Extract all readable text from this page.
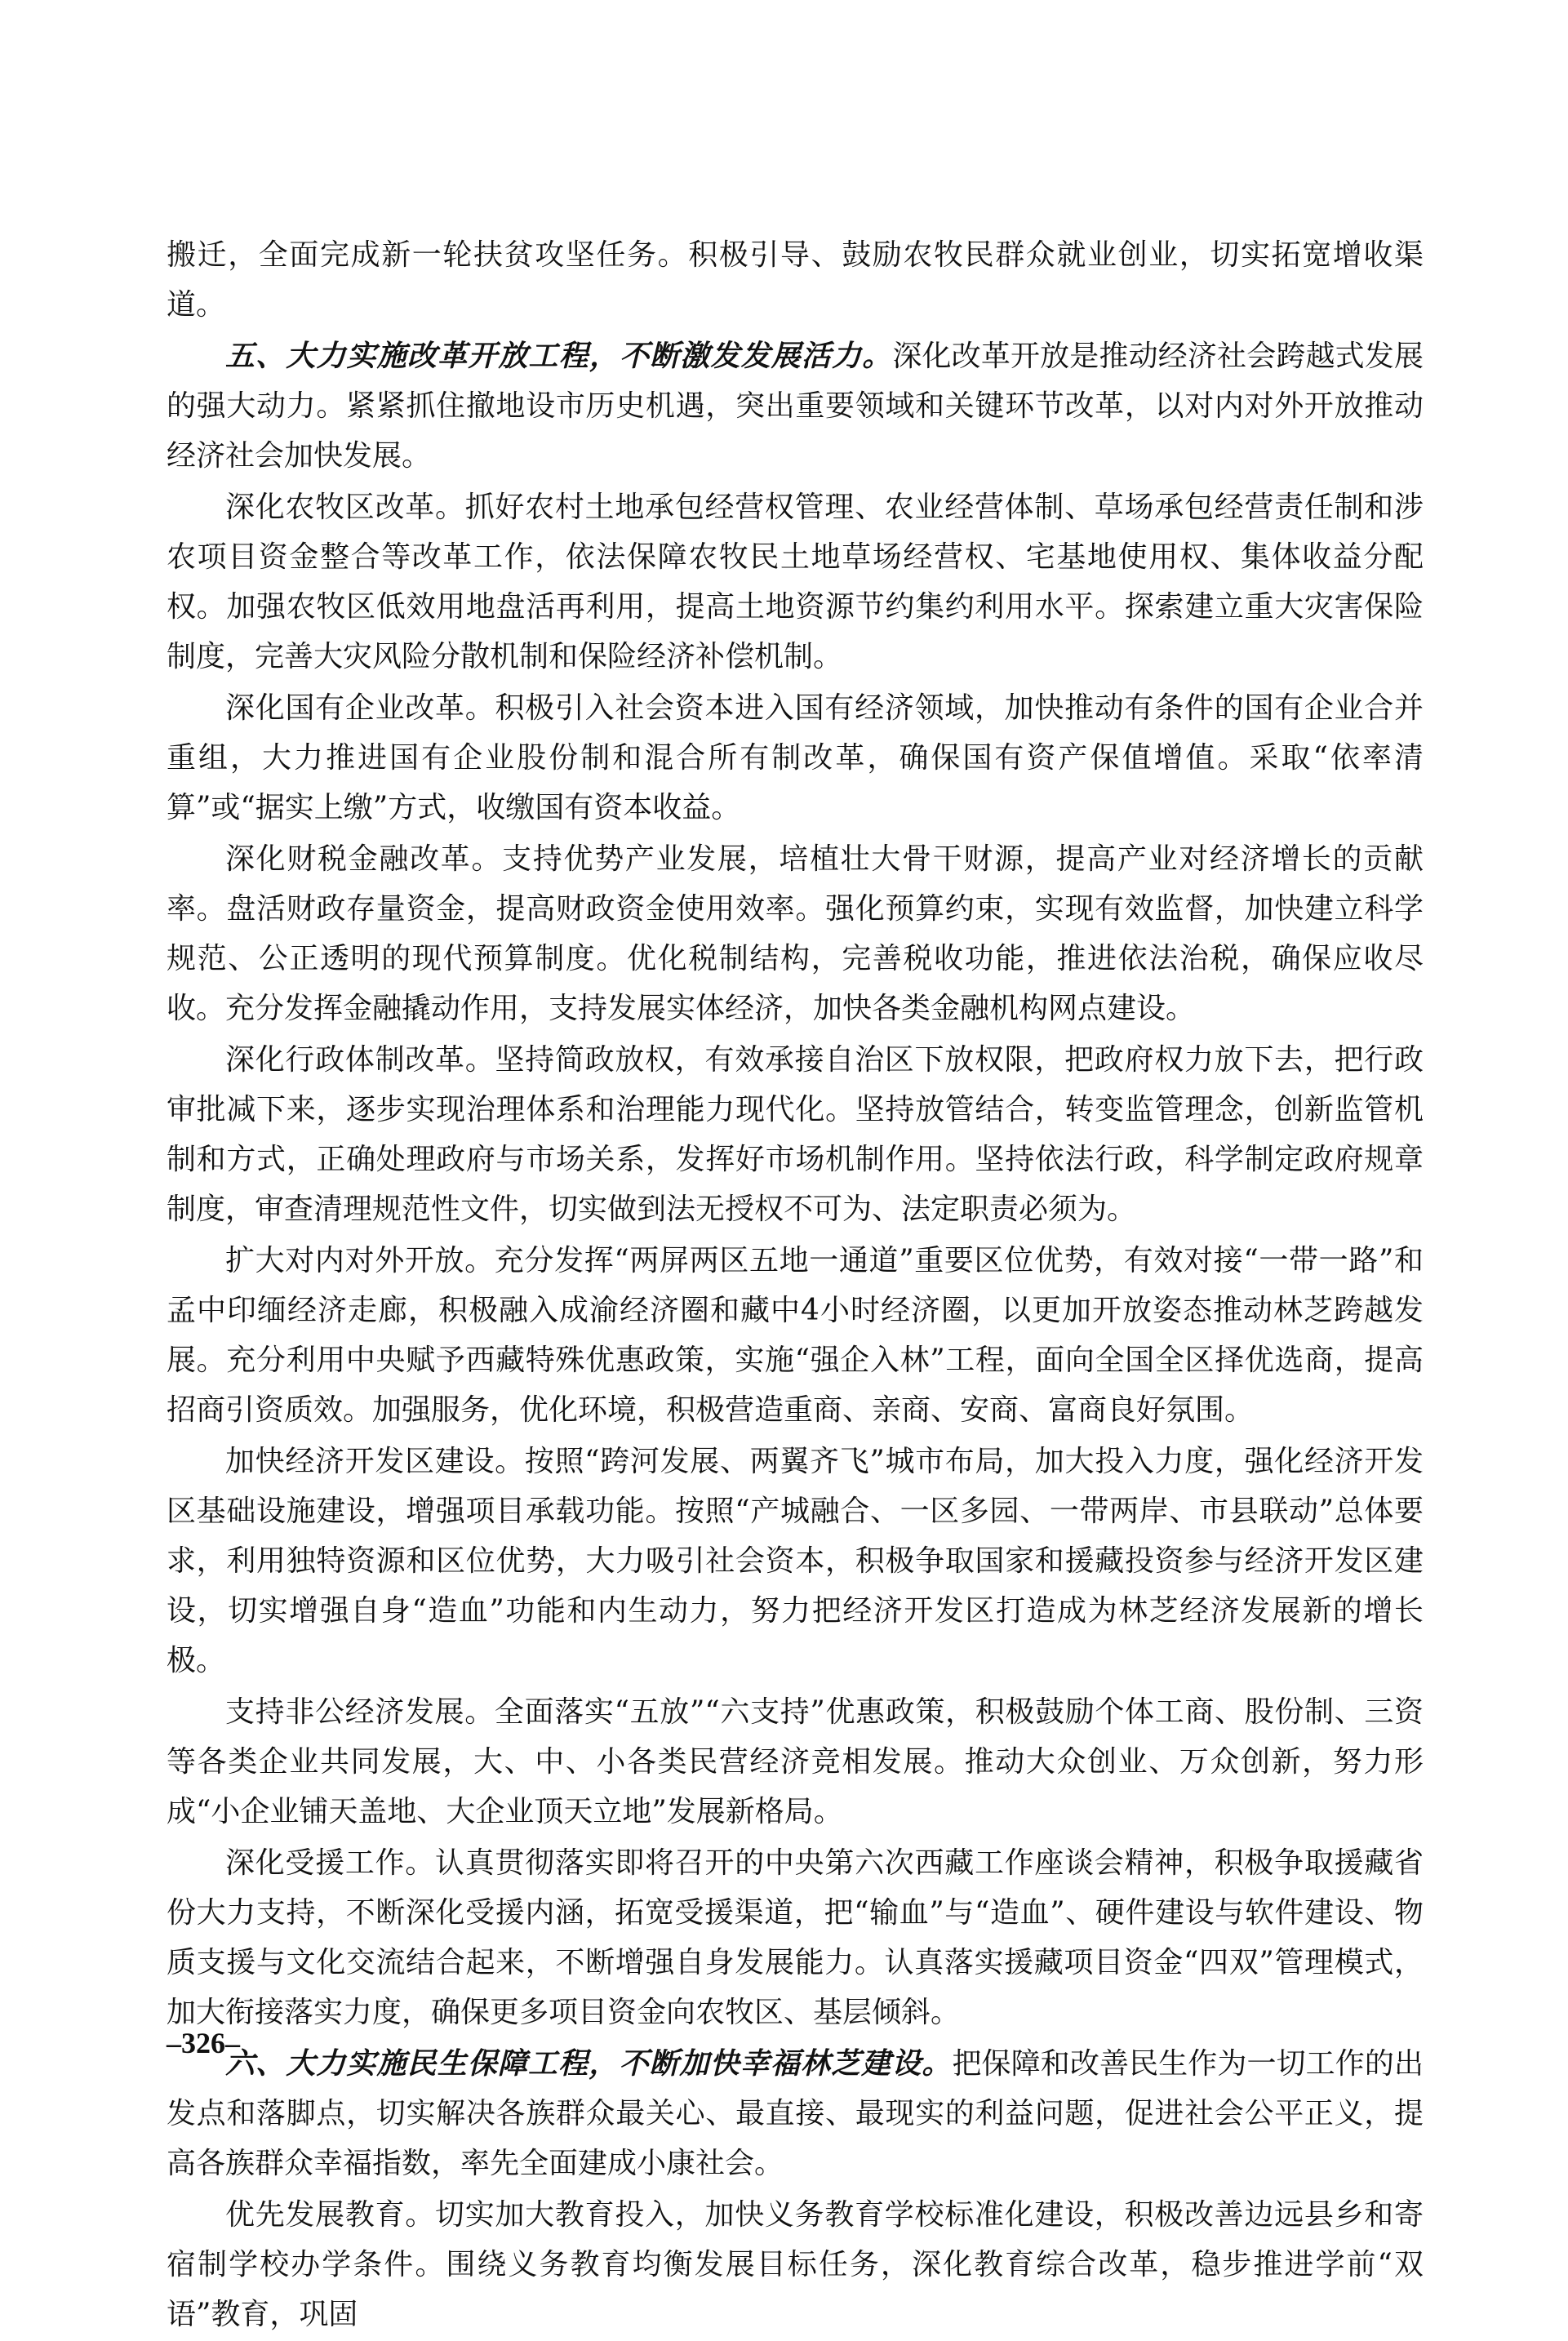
搬迁，全面完成新一轮扶贫攻坚任务。积极引导、鼓励农牧民群众就业创业，切实拓宽增收渠道。

五、大力实施改革开放工程，不断激发发展活力。深化改革开放是推动经济社会跨越式发展的强大动力。紧紧抓住撤地设市历史机遇，突出重要领域和关键环节改革，以对内对外开放推动经济社会加快发展。

深化农牧区改革。抓好农村土地承包经营权管理、农业经营体制、草场承包经营责任制和涉农项目资金整合等改革工作，依法保障农牧民土地草场经营权、宅基地使用权、集体收益分配权。加强农牧区低效用地盘活再利用，提高土地资源节约集约利用水平。探索建立重大灾害保险制度，完善大灾风险分散机制和保险经济补偿机制。

深化国有企业改革。积极引入社会资本进入国有经济领域，加快推动有条件的国有企业合并重组，大力推进国有企业股份制和混合所有制改革，确保国有资产保值增值。采取“依率清算”或“据实上缴”方式，收缴国有资本收益。

深化财税金融改革。支持优势产业发展，培植壮大骨干财源，提高产业对经济增长的贡献率。盘活财政存量资金，提高财政资金使用效率。强化预算约束，实现有效监督，加快建立科学规范、公正透明的现代预算制度。优化税制结构，完善税收功能，推进依法治税，确保应收尽收。充分发挥金融撬动作用，支持发展实体经济，加快各类金融机构网点建设。

深化行政体制改革。坚持简政放权，有效承接自治区下放权限，把政府权力放下去，把行政审批减下来，逐步实现治理体系和治理能力现代化。坚持放管结合，转变监管理念，创新监管机制和方式，正确处理政府与市场关系，发挥好市场机制作用。坚持依法行政，科学制定政府规章制度，审查清理规范性文件，切实做到法无授权不可为、法定职责必须为。

扩大对内对外开放。充分发挥“两屏两区五地一通道”重要区位优势，有效对接“一带一路”和孟中印缅经济走廊，积极融入成渝经济圈和藏中4小时经济圈，以更加开放姿态推动林芝跨越发展。充分利用中央赋予西藏特殊优惠政策，实施“强企入林”工程，面向全国全区择优选商，提高招商引资质效。加强服务，优化环境，积极营造重商、亲商、安商、富商良好氛围。

加快经济开发区建设。按照“跨河发展、两翼齐飞”城市布局，加大投入力度，强化经济开发区基础设施建设，增强项目承载功能。按照“产城融合、一区多园、一带两岸、市县联动”总体要求，利用独特资源和区位优势，大力吸引社会资本，积极争取国家和援藏投资参与经济开发区建设，切实增强自身“造血”功能和内生动力，努力把经济开发区打造成为林芝经济发展新的增长极。

支持非公经济发展。全面落实“五放”“六支持”优惠政策，积极鼓励个体工商、股份制、三资等各类企业共同发展，大、中、小各类民营经济竞相发展。推动大众创业、万众创新，努力形成“小企业铺天盖地、大企业顶天立地”发展新格局。

深化受援工作。认真贯彻落实即将召开的中央第六次西藏工作座谈会精神，积极争取援藏省份大力支持，不断深化受援内涵，拓宽受援渠道，把“输血”与“造血”、硬件建设与软件建设、物质支援与文化交流结合起来，不断增强自身发展能力。认真落实援藏项目资金“四双”管理模式，加大衔接落实力度，确保更多项目资金向农牧区、基层倾斜。

六、大力实施民生保障工程，不断加快幸福林芝建设。把保障和改善民生作为一切工作的出发点和落脚点，切实解决各族群众最关心、最直接、最现实的利益问题，促进社会公平正义，提高各族群众幸福指数，率先全面建成小康社会。

优先发展教育。切实加大教育投入，加快义务教育学校标准化建设，积极改善边远县乡和寄宿制学校办学条件。围绕义务教育均衡发展目标任务，深化教育综合改革，稳步推进学前“双语”教育，巩固

–326–
